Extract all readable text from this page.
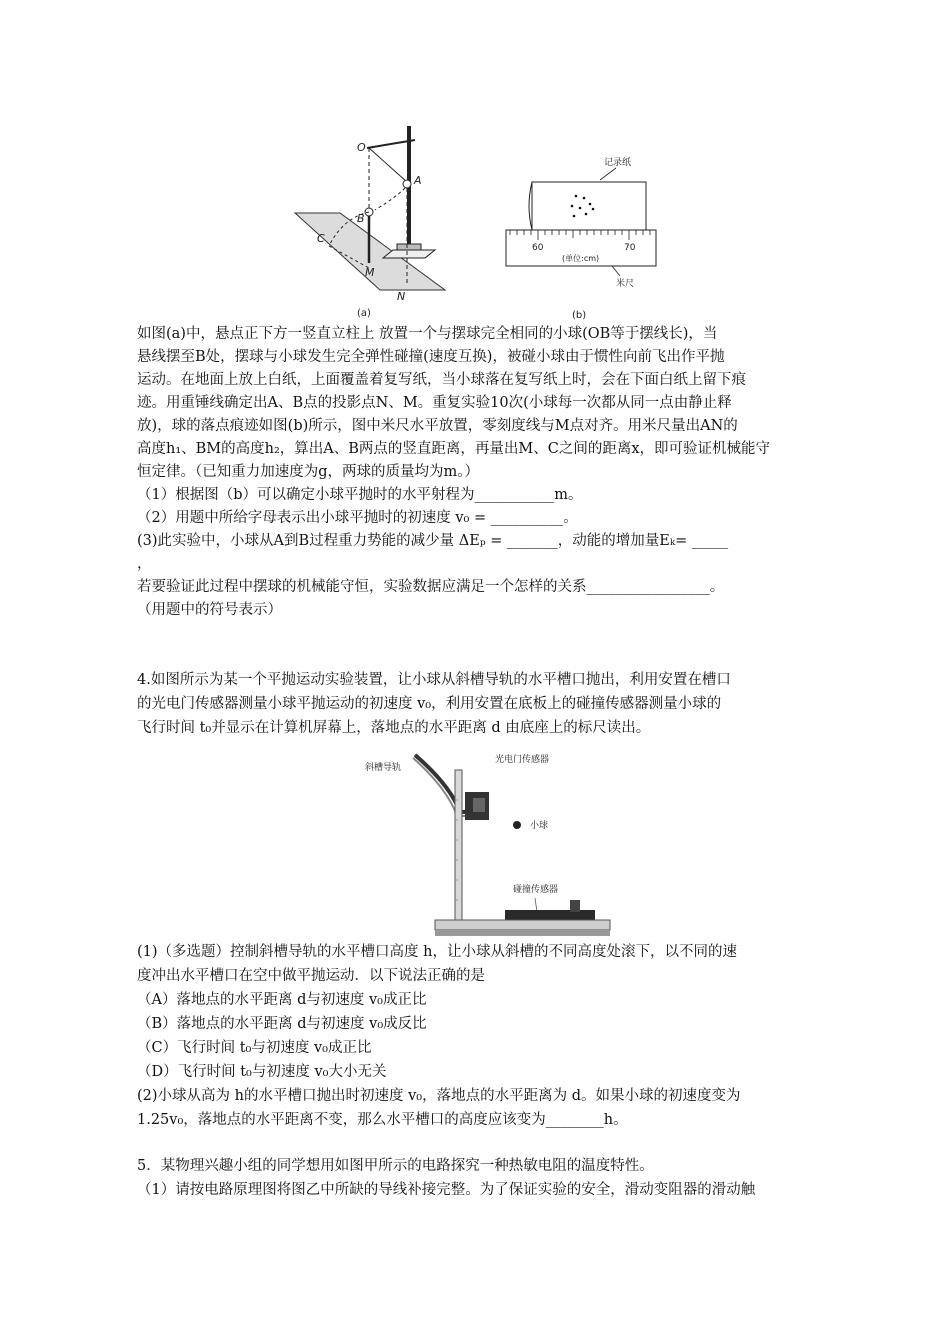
O
A
B
C
M
N
(a)
记录纸
60	70
(单位:cm)
米尺
(b)
如图(a)中，悬点正下方一竖直立柱上 放置一个与摆球完全相同的小球(OB等于摆线长)，当
悬线摆至B处，摆球与小球发生完全弹性碰撞(速度互换)，被碰小球由于惯性向前飞出作平抛
运动。在地面上放上白纸，上面覆盖着复写纸，当小球落在复写纸上时，会在下面白纸上留下痕
迹。用重锤线确定出A、B点的投影点N、M。重复实验10次(小球每一次都从同一点由静止释
放)，球的落点痕迹如图(b)所示，图中米尺水平放置，零刻度线与M点对齐。用米尺量出AN的
高度h₁、BM的高度h₂，算出A、B两点的竖直距离，再量出M、C之间的距离x，即可验证机械能守
恒定律。（已知重力加速度为g，两球的质量均为m。）
（1）根据图（b）可以确定小球平抛时的水平射程为___________m。
（2）用题中所给字母表示出小球平抛时的初速度 v₀ = __________。
(3)此实验中，小球从A到B过程重力势能的减少量 ΔEₚ = _______，动能的增加量Eₖ= _____
，
若要验证此过程中摆球的机械能守恒，实验数据应满足一个怎样的关系_________________。
（用题中的符号表示）
4.如图所示为某一个平抛运动实验装置，让小球从斜槽导轨的水平槽口抛出，利用安置在槽口
的光电门传感器测量小球平抛运动的初速度 v₀，利用安置在底板上的碰撞传感器测量小球的
飞行时间 t₀并显示在计算机屏幕上，落地点的水平距离 d 由底座上的标尺读出。
斜槽导轨
光电门传感器
小球
碰撞传感器
(1)（多选题）控制斜槽导轨的水平槽口高度 h，让小球从斜槽的不同高度处滚下，以不同的速
度冲出水平槽口在空中做平抛运动．以下说法正确的是
（A）落地点的水平距离 d与初速度 v₀成正比
（B）落地点的水平距离 d与初速度 v₀成反比
（C）飞行时间 t₀与初速度 v₀成正比
（D）飞行时间 t₀与初速度 v₀大小无关
(2)小球从高为 h的水平槽口抛出时初速度 v₀，落地点的水平距离为 d。如果小球的初速度变为
1.25v₀，落地点的水平距离不变，那么水平槽口的高度应该变为________h。
5．某物理兴趣小组的同学想用如图甲所示的电路探究一种热敏电阻的温度特性。
（1）请按电路原理图将图乙中所缺的导线补接完整。为了保证实验的安全，滑动变阻器的滑动触
